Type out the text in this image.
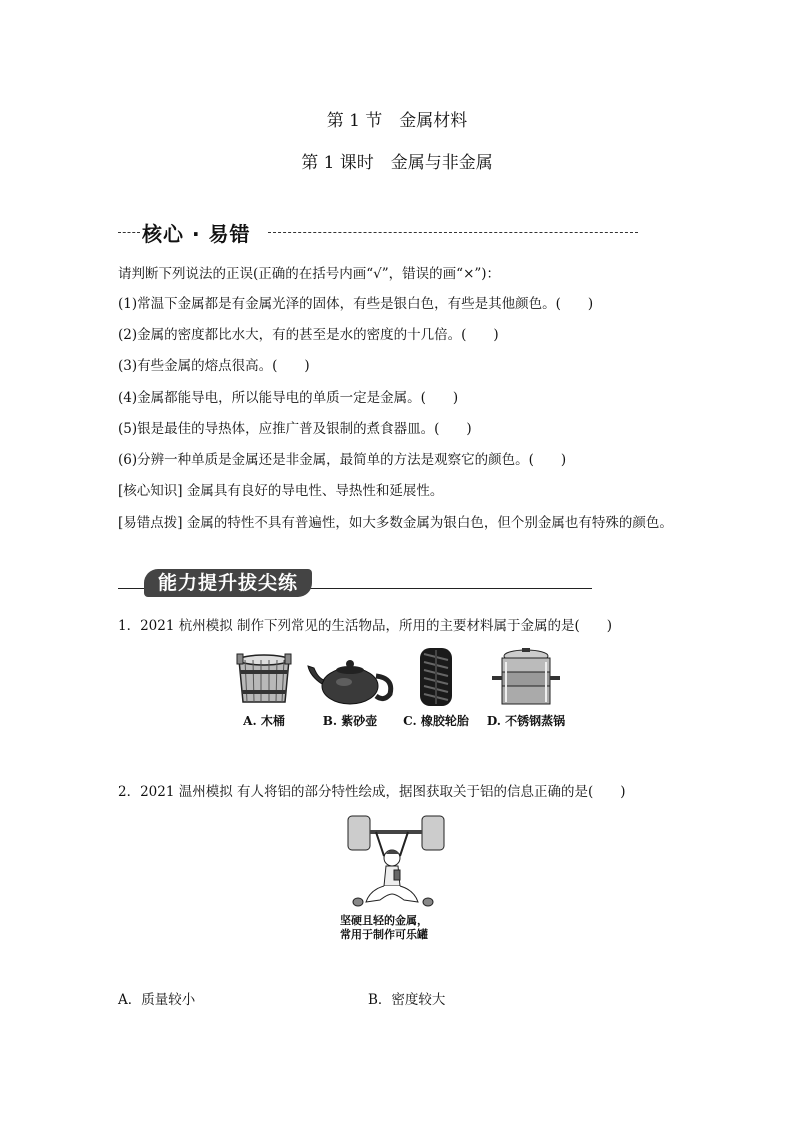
第 1 节　金属材料
第 1 课时　金属与非金属
核心 · 易错
请判断下列说法的正误(正确的在括号内画“√”，错误的画“×”)：
(1)常温下金属都是有金属光泽的固体，有些是银白色，有些是其他颜色。(　　)
(2)金属的密度都比水大，有的甚至是水的密度的十几倍。(　　)
(3)有些金属的熔点很高。(　　)
(4)金属都能导电，所以能导电的单质一定是金属。(　　)
(5)银是最佳的导热体，应推广普及银制的煮食器皿。(　　)
(6)分辨一种单质是金属还是非金属，最简单的方法是观察它的颜色。(　　)
[核心知识] 金属具有良好的导电性、导热性和延展性。
[易错点拨] 金属的特性不具有普遍性，如大多数金属为银白色，但个别金属也有特殊的颜色。
能力提升拔尖练
1．2021 杭州模拟 制作下列常见的生活物品，所用的主要材料属于金属的是(　　)
A. 木桶	B. 紫砂壶	C. 橡胶轮胎	D. 不锈钢蒸锅
2．2021 温州模拟 有人将铝的部分特性绘成，据图获取关于铝的信息正确的是(　　)
坚硬且轻的金属，
常用于制作可乐罐
A．质量较小	B．密度较大
